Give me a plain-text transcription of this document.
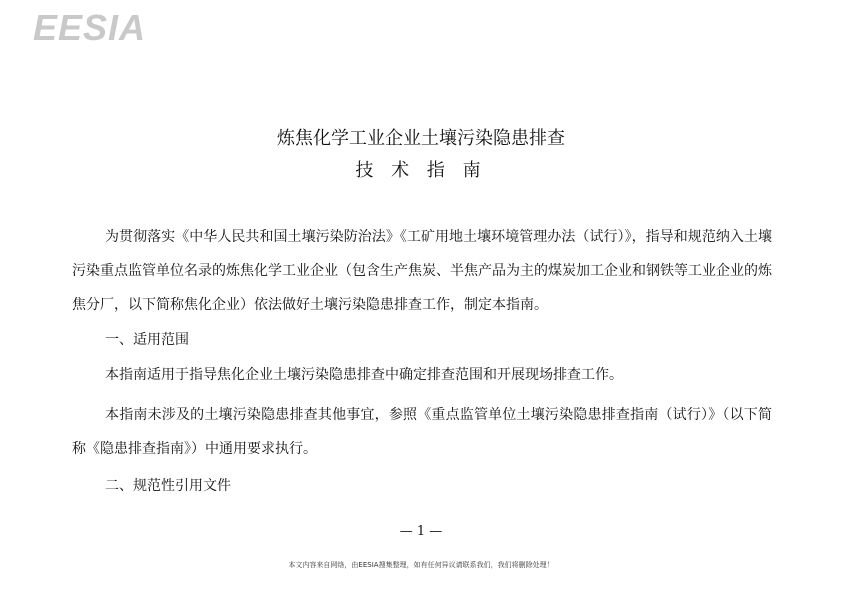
EESIA
炼焦化学工业企业土壤污染隐患排查
技 术 指 南
为贯彻落实《中华人民共和国土壤污染防治法》《工矿用地土壤环境管理办法（试行）》，指导和规范纳入土壤污染重点监管单位名录的炼焦化学工业企业（包含生产焦炭、半焦产品为主的煤炭加工企业和钢铁等工业企业的炼焦分厂，以下简称焦化企业）依法做好土壤污染隐患排查工作，制定本指南。
一、适用范围
本指南适用于指导焦化企业土壤污染隐患排查中确定排查范围和开展现场排查工作。
本指南未涉及的土壤污染隐患排查其他事宜，参照《重点监管单位土壤污染隐患排查指南（试行）》（以下简称《隐患排查指南》）中通用要求执行。
二、规范性引用文件
— 1 —
本文内容来自网络，由EESIA搜集整理，如有任何异议请联系我们，我们将删除处理！
